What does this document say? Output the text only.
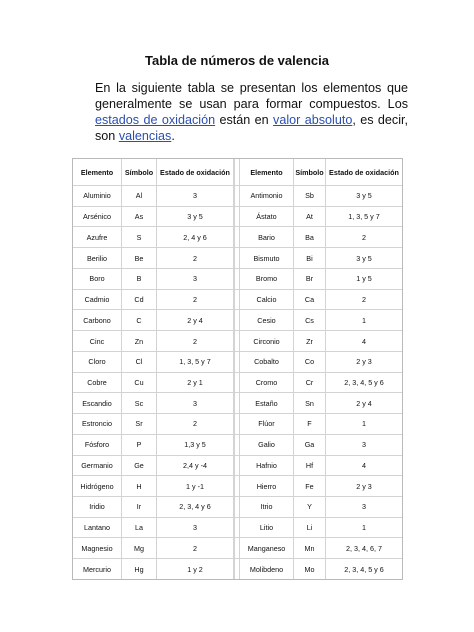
Tabla de números de valencia
En la siguiente tabla se presentan los elementos que generalmente se usan para formar compuestos. Los estados de oxidación están en valor absoluto, es decir, son valencias.
Elemento	Símbolo	Estado de oxidación		Elemento	Símbolo	Estado de oxidación
Aluminio	Al	3		Antimonio	Sb	3 y 5
Arsénico	As	3 y 5		Ástato	At	1, 3, 5 y 7
Azufre	S	2, 4 y 6		Bario	Ba	2
Berilio	Be	2		Bismuto	Bi	3 y 5
Boro	B	3		Bromo	Br	1 y 5
Cadmio	Cd	2		Calcio	Ca	2
Carbono	C	2 y 4		Cesio	Cs	1
Cinc	Zn	2		Circonio	Zr	4
Cloro	Cl	1, 3, 5 y 7		Cobalto	Co	2 y 3
Cobre	Cu	2 y 1		Cromo	Cr	2, 3, 4, 5 y 6
Escandio	Sc	3		Estaño	Sn	2 y 4
Estroncio	Sr	2		Flúor	F	1
Fósforo	P	1,3 y 5		Galio	Ga	3
Germanio	Ge	2,4 y -4		Hafnio	Hf	4
Hidrógeno	H	1 y -1		Hierro	Fe	2 y 3
Iridio	Ir	2, 3, 4 y 6		Itrio	Y	3
Lantano	La	3		Litio	Li	1
Magnesio	Mg	2		Manganeso	Mn	2, 3, 4, 6, 7
Mercurio	Hg	1 y 2		Molibdeno	Mo	2, 3, 4, 5 y 6
